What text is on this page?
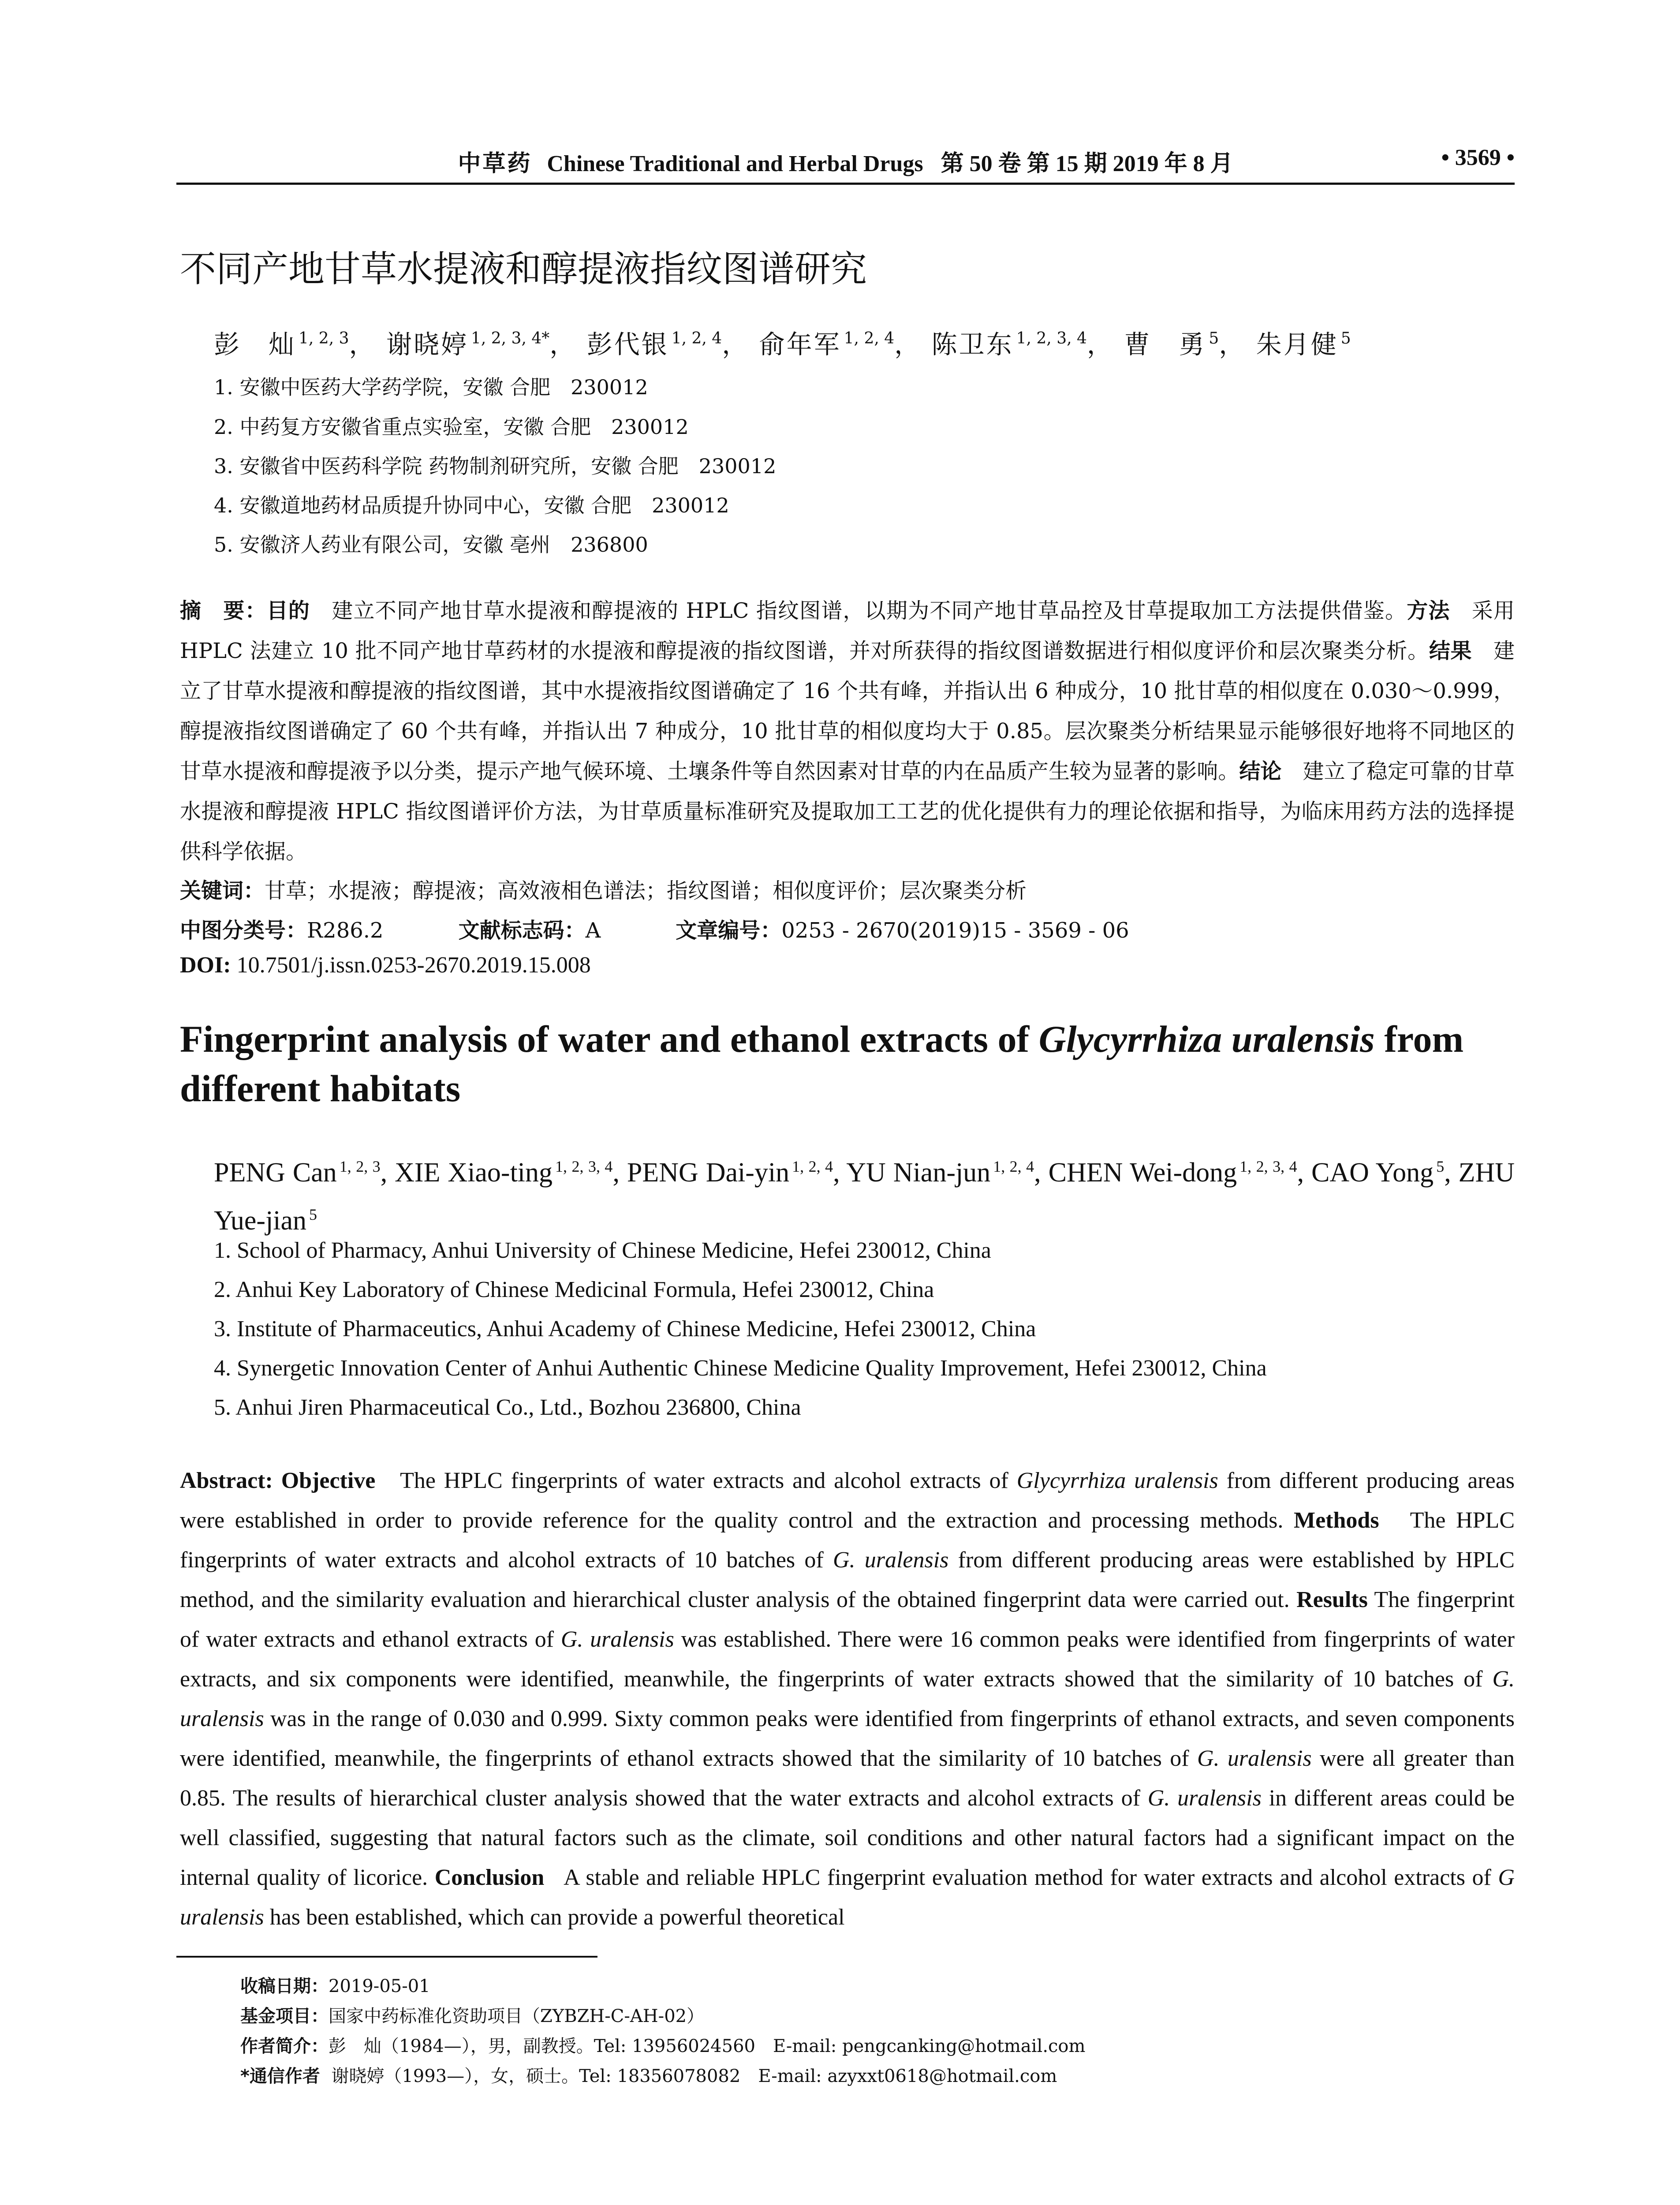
中草药 Chinese Traditional and Herbal Drugs 第 50 卷 第 15 期 2019 年 8 月	• 3569 •
不同产地甘草水提液和醇提液指纹图谱研究
彭　灿 $^{1, 2, 3}$， 谢晓婷 $^{1, 2, 3, 4*}$， 彭代银 $^{1, 2, 4}$， 俞年军 $^{1, 2, 4}$， 陈卫东 $^{1, 2, 3, 4}$， 曹　勇 $^5$， 朱月健 $^5$
1. 安徽中医药大学药学院，安徽 合肥　230012
2. 中药复方安徽省重点实验室，安徽 合肥　230012
3. 安徽省中医药科学院 药物制剂研究所，安徽 合肥　230012
4. 安徽道地药材品质提升协同中心，安徽 合肥　230012
5. 安徽济人药业有限公司，安徽 亳州　236800
摘　要：目的　 建立不同产地甘草水提液和醇提液的 HPLC 指纹图谱，以期为不同产地甘草品控及甘草提取加工方法提供借鉴。方法　 采用 HPLC 法建立 10 批不同产地甘草药材的水提液和醇提液的指纹图谱，并对所获得的指纹图谱数据进行相似度评价和层次聚类分析。结果　 建立了甘草水提液和醇提液的指纹图谱，其中水提液指纹图谱确定了 16 个共有峰，并指认出 6 种成分，10 批甘草的相似度在 0.030～0.999，醇提液指纹图谱确定了 60 个共有峰，并指认出 7 种成分，10 批甘草的相似度均大于 0.85。层次聚类分析结果显示能够很好地将不同地区的甘草水提液和醇提液予以分类，提示产地气候环境、土壤条件等自然因素对甘草的内在品质产生较为显著的影响。结论　 建立了稳定可靠的甘草水提液和醇提液 HPLC 指纹图谱评价方法，为甘草质量标准研究及提取加工工艺的优化提供有力的理论依据和指导，为临床用药方法的选择提供科学依据。
关键词：甘草；水提液；醇提液；高效液相色谱法；指纹图谱；相似度评价；层次聚类分析
中图分类号：R286.2	文献标志码：A	文章编号：0253 - 2670(2019)15 - 3569 - 06
DOI: 10.7501/j.issn.0253-2670.2019.15.008
Fingerprint analysis of water and ethanol extracts of Glycyrrhiza uralensis from different habitats
PENG Can $^{1, 2, 3}$, XIE Xiao-ting $^{1, 2, 3, 4}$, PENG Dai-yin $^{1, 2, 4}$, YU Nian-jun $^{1, 2, 4}$, CHEN Wei-dong $^{1, 2, 3, 4}$, CAO Yong $^5$, ZHU Yue-jian $^5$
1. School of Pharmacy, Anhui University of Chinese Medicine, Hefei 230012, China
2. Anhui Key Laboratory of Chinese Medicinal Formula, Hefei 230012, China
3. Institute of Pharmaceutics, Anhui Academy of Chinese Medicine, Hefei 230012, China
4. Synergetic Innovation Center of Anhui Authentic Chinese Medicine Quality Improvement, Hefei 230012, China
5. Anhui Jiren Pharmaceutical Co., Ltd., Bozhou 236800, China
Abstract: Objective The HPLC fingerprints of water extracts and alcohol extracts of Glycyrrhiza uralensis from different producing areas were established in order to provide reference for the quality control and the extraction and processing methods. Methods The HPLC fingerprints of water extracts and alcohol extracts of 10 batches of G. uralensis from different producing areas were established by HPLC method, and the similarity evaluation and hierarchical cluster analysis of the obtained fingerprint data were carried out. Results The fingerprint of water extracts and ethanol extracts of G. uralensis was established. There were 16 common peaks were identified from fingerprints of water extracts, and six components were identified, meanwhile, the fingerprints of water extracts showed that the similarity of 10 batches of G. uralensis was in the range of 0.030 and 0.999. Sixty common peaks were identified from fingerprints of ethanol extracts, and seven components were identified, meanwhile, the fingerprints of ethanol extracts showed that the similarity of 10 batches of G. uralensis were all greater than 0.85. The results of hierarchical cluster analysis showed that the water extracts and alcohol extracts of G. uralensis in different areas could be well classified, suggesting that natural factors such as the climate, soil conditions and other natural factors had a significant impact on the internal quality of licorice. Conclusion A stable and reliable HPLC fingerprint evaluation method for water extracts and alcohol extracts of G uralensis has been established, which can provide a powerful theoretical
收稿日期：2019-05-01
基金项目：国家中药标准化资助项目（ZYBZH-C-AH-02）
作者简介：彭　灿（1984—），男，副教授。Tel: 13956024560　E-mail: pengcanking@hotmail.com
*通信作者 谢晓婷（1993—），女，硕士。Tel: 18356078082　E-mail: azyxxt0618@hotmail.com
